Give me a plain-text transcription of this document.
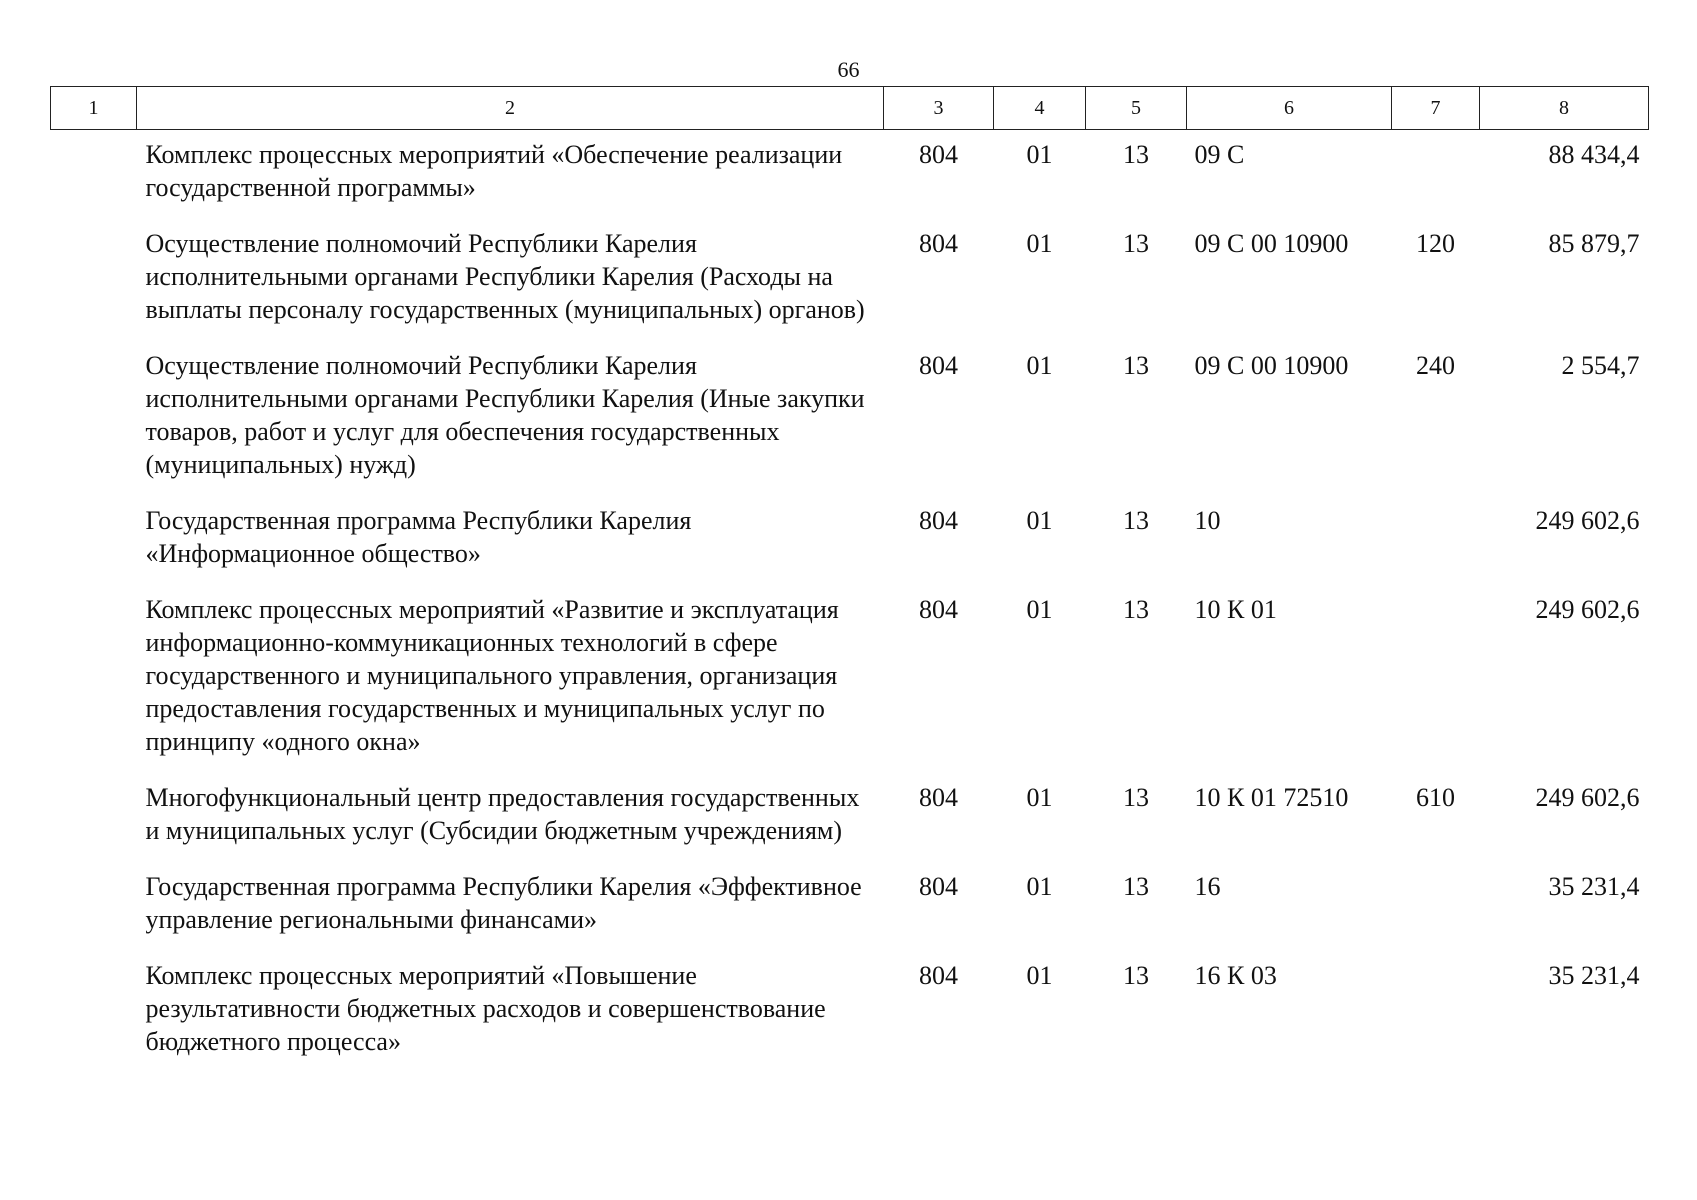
66
1	2	3	4	5	6	7	8
	Комплекс процессных мероприятий «Обеспечение реализации государственной программы»	804	01	13	09 С		88 434,4
	Осуществление полномочий Республики Карелия исполнительными органами Республики Карелия (Расходы на выплаты персоналу государственных (муниципальных) органов)	804	01	13	09 С 00 10900	120	85 879,7
	Осуществление полномочий Республики Карелия исполнительными органами Республики Карелия (Иные закупки товаров, работ и услуг для обеспечения государственных (муниципальных) нужд)	804	01	13	09 С 00 10900	240	2 554,7
	Государственная программа Республики Карелия «Информационное общество»	804	01	13	10		249 602,6
	Комплекс процессных мероприятий «Развитие и эксплуатация информационно-коммуникационных технологий в сфере государственного и муниципального управления, организация предоставления государственных и муниципальных услуг по принципу «одного окна»	804	01	13	10 К 01		249 602,6
	Многофункциональный центр предоставления государственных и муниципальных услуг (Субсидии бюджетным учреждениям)	804	01	13	10 К 01 72510	610	249 602,6
	Государственная программа Республики Карелия «Эффективное управление региональными финансами»	804	01	13	16		35 231,4
	Комплекс процессных мероприятий «Повышение результативности бюджетных расходов и совершенствование бюджетного процесса»	804	01	13	16 К 03		35 231,4
